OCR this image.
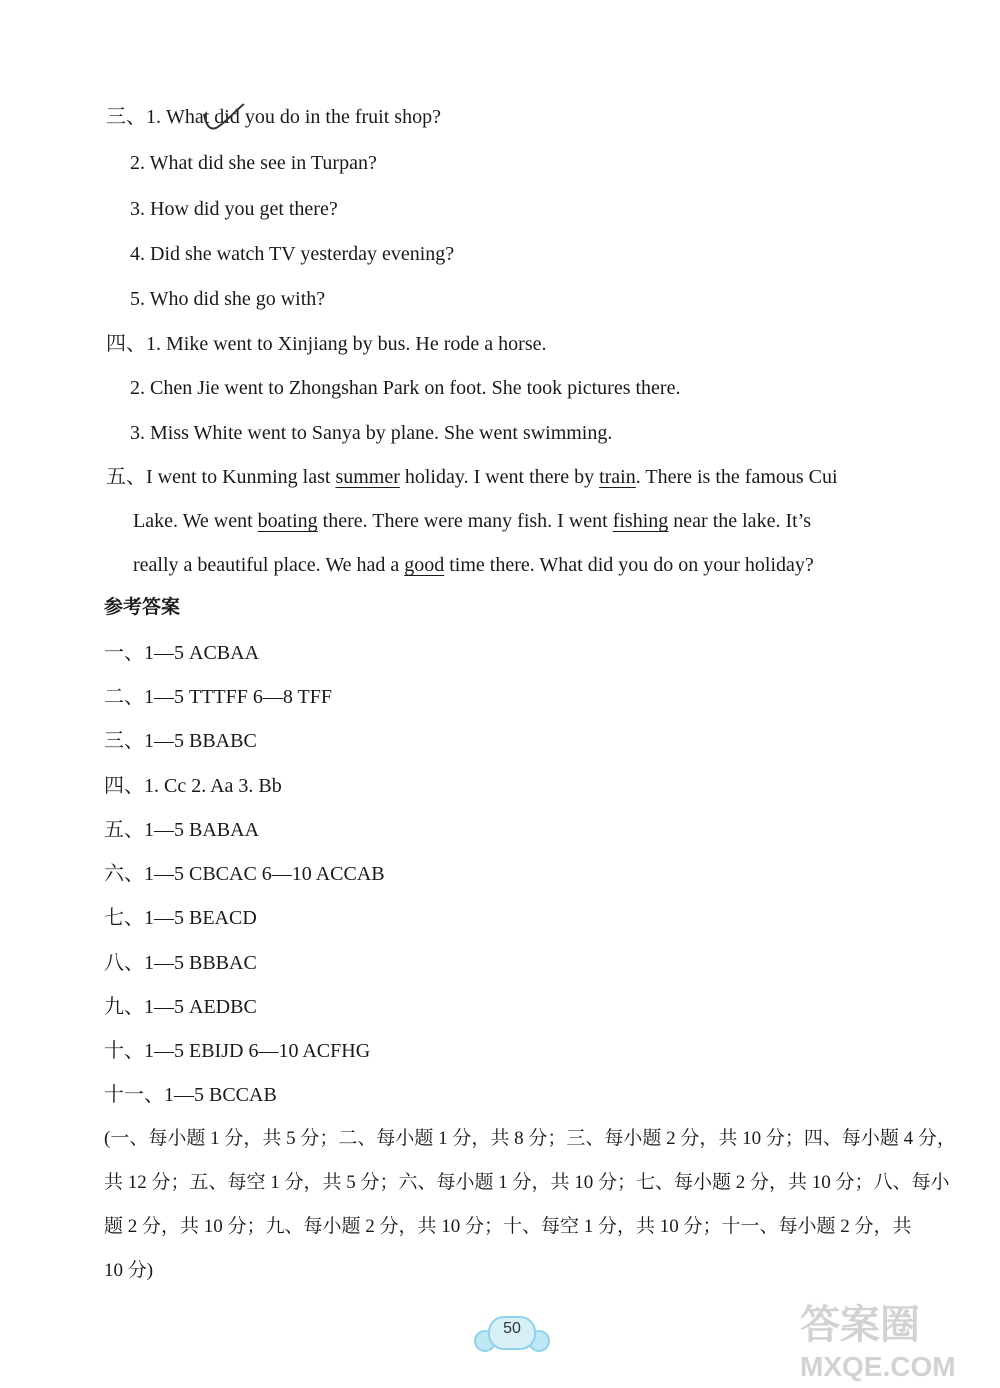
三、1. What did you do in the fruit shop?
2. What did she see in Turpan?
3. How did you get there?
4. Did she watch TV yesterday evening?
5. Who did she go with?
四、1. Mike went to Xinjiang by bus. He rode a horse.
2. Chen Jie went to Zhongshan Park on foot. She took pictures there.
3. Miss White went to Sanya by plane. She went swimming.
五、I went to Kunming last summer holiday. I went there by train. There is the famous Cui
Lake. We went boating there. There were many fish. I went fishing near the lake. It’s
really a beautiful place. We had a good time there. What did you do on your holiday?
参考答案
一、1—5 ACBAA
二、1—5 TTTFF 6—8 TFF
三、1—5 BBABC
四、1. Cc 2. Aa 3. Bb
五、1—5 BABAA
六、1—5 CBCAC 6—10 ACCAB
七、1—5 BEACD
八、1—5 BBBAC
九、1—5 AEDBC
十、1—5 EBIJD 6—10 ACFHG
十一、1—5 BCCAB
(一、每小题 1 分，共 5 分；二、每小题 1 分，共 8 分；三、每小题 2 分，共 10 分；四、每小题 4 分，
共 12 分；五、每空 1 分，共 5 分；六、每小题 1 分，共 10 分；七、每小题 2 分，共 10 分；八、每小
题 2 分，共 10 分；九、每小题 2 分，共 10 分；十、每空 1 分，共 10 分；十一、每小题 2 分，共
10 分)
50	答案圈
MXQE.COM
